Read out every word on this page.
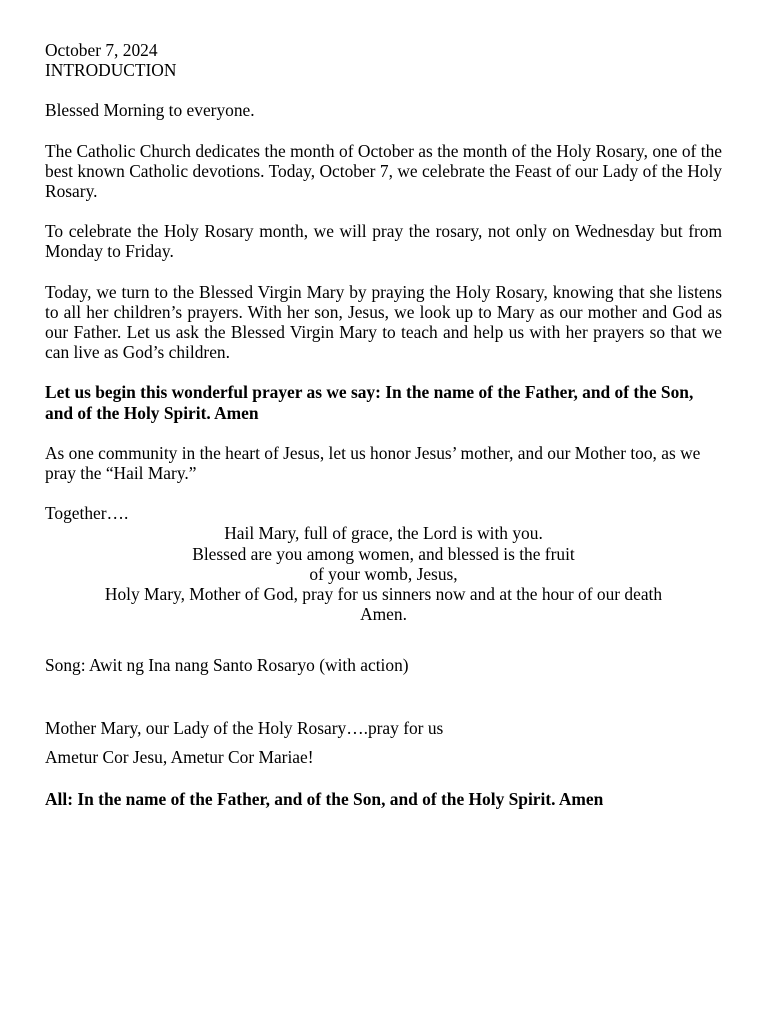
October 7, 2024

INTRODUCTION

Blessed Morning to everyone.

The Catholic Church dedicates the month of October as the month of the Holy Rosary, one of the best known Catholic devotions. Today, October 7, we celebrate the Feast of our Lady of the Holy Rosary.

To celebrate the Holy Rosary month, we will pray the rosary, not only on Wednesday but from Monday to Friday.

Today, we turn to the Blessed Virgin Mary by praying the Holy Rosary, knowing that she listens to all her children’s prayers. With her son, Jesus, we look up to Mary as our mother and God as our Father. Let us ask the Blessed Virgin Mary to teach and help us with her prayers so that we can live as God’s children.

Let us begin this wonderful prayer as we say: In the name of the Father, and of the Son, and of the Holy Spirit. Amen

As one community in the heart of Jesus, let us honor Jesus’ mother, and our Mother too, as we pray the “Hail Mary.”

Together….

Hail Mary, full of grace, the Lord is with you.
Blessed are you among women, and blessed is the fruit
of your womb, Jesus,
Holy Mary, Mother of God, pray for us sinners now and at the hour of our death
Amen.

Song: Awit ng Ina nang Santo Rosaryo (with action)

Mother Mary, our Lady of the Holy Rosary….pray for us

Ametur Cor Jesu, Ametur Cor Mariae!

All: In the name of the Father, and of the Son, and of the Holy Spirit. Amen
